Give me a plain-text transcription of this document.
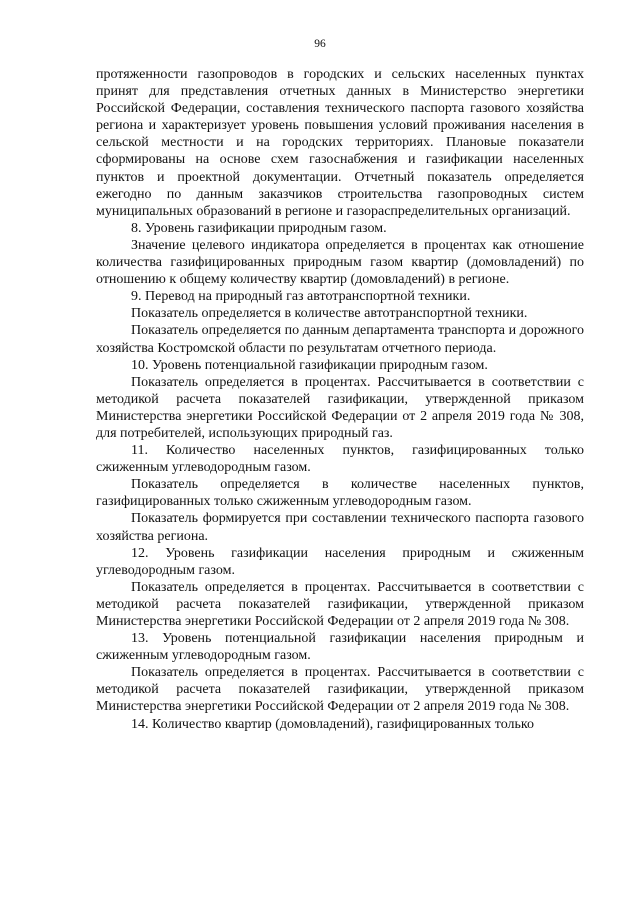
96

протяженности газопроводов в городских и сельских населенных пунктах принят для представления отчетных данных в Министерство энергетики Российской Федерации, составления технического паспорта газового хозяйства региона и характеризует уровень повышения условий проживания населения в сельской местности и на городских территориях. Плановые показатели сформированы на основе схем газоснабжения и газификации населенных пунктов и проектной документации. Отчетный показатель определяется ежегодно по данным заказчиков строительства газопроводных систем муниципальных образований в регионе и газораспределительных организаций.

8. Уровень газификации природным газом.

Значение целевого индикатора определяется в процентах как отношение количества газифицированных природным газом квартир (домовладений) по отношению к общему количеству квартир (домовладений) в регионе.

9. Перевод на природный газ автотранспортной техники.

Показатель определяется в количестве автотранспортной техники.

Показатель определяется по данным департамента транспорта и дорожного хозяйства Костромской области по результатам отчетного периода.

10. Уровень потенциальной газификации природным газом.

Показатель определяется в процентах. Рассчитывается в соответствии с методикой расчета показателей газификации, утвержденной приказом Министерства энергетики Российской Федерации от 2 апреля 2019 года № 308, для потребителей, использующих природный газ.

11. Количество населенных пунктов, газифицированных только сжиженным углеводородным газом.

Показатель определяется в количестве населенных пунктов, газифицированных только сжиженным углеводородным газом.

Показатель формируется при составлении технического паспорта газового хозяйства региона.

12. Уровень газификации населения природным и сжиженным углеводородным газом.

Показатель определяется в процентах. Рассчитывается в соответствии с методикой расчета показателей газификации, утвержденной приказом Министерства энергетики Российской Федерации от 2 апреля 2019 года № 308.

13. Уровень потенциальной газификации населения природным и сжиженным углеводородным газом.

Показатель определяется в процентах. Рассчитывается в соответствии с методикой расчета показателей газификации, утвержденной приказом Министерства энергетики Российской Федерации от 2 апреля 2019 года № 308.

14. Количество квартир (домовладений), газифицированных только
